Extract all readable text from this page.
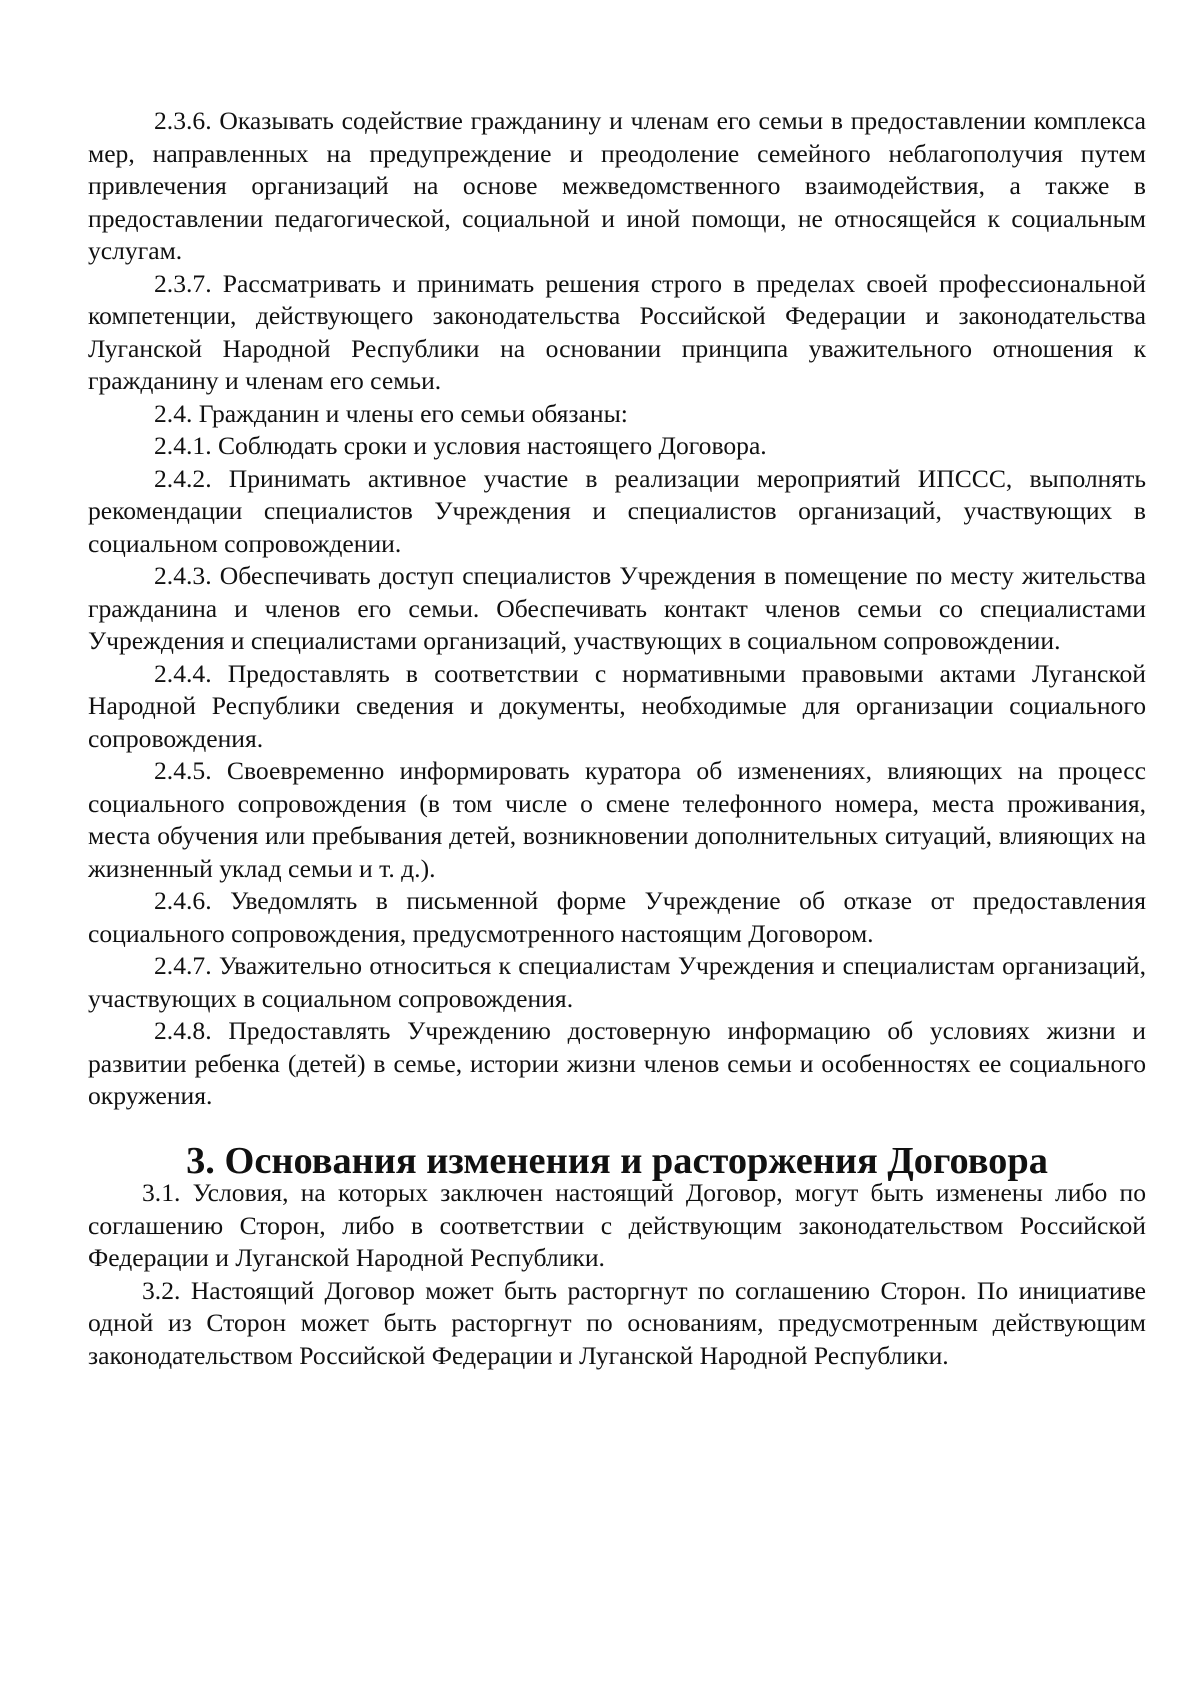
2.3.6. Оказывать содействие гражданину и членам его семьи в предоставлении комплекса мер, направленных на предупреждение и преодоление семейного неблагополучия путем привлечения организаций на основе межведомственного взаимодействия, а также в предоставлении педагогической, социальной и иной помощи, не относящейся к социальным услугам.

2.3.7. Рассматривать и принимать решения строго в пределах своей профессиональной компетенции, действующего законодательства Российской Федерации и законодательства Луганской Народной Республики на основании принципа уважительного отношения к гражданину и членам его семьи.

2.4. Гражданин и члены его семьи обязаны:

2.4.1. Соблюдать сроки и условия настоящего Договора.

2.4.2. Принимать активное участие в реализации мероприятий ИПССС, выполнять рекомендации специалистов Учреждения и специалистов организаций, участвующих в социальном сопровождении.

2.4.3. Обеспечивать доступ специалистов Учреждения в помещение по месту жительства гражданина и членов его семьи. Обеспечивать контакт членов семьи со специалистами Учреждения и специалистами организаций, участвующих в социальном сопровождении.

2.4.4. Предоставлять в соответствии с нормативными правовыми актами Луганской Народной Республики сведения и документы, необходимые для организации социального сопровождения.

2.4.5. Своевременно информировать куратора об изменениях, влияющих на процесс социального сопровождения (в том числе о смене телефонного номера, места проживания, места обучения или пребывания детей, возникновении дополнительных ситуаций, влияющих на жизненный уклад семьи и т. д.).

2.4.6. Уведомлять в письменной форме Учреждение об отказе от предоставления социального сопровождения, предусмотренного настоящим Договором.

2.4.7. Уважительно относиться к специалистам Учреждения и специалистам организаций, участвующих в социальном сопровождения.

2.4.8. Предоставлять Учреждению достоверную информацию об условиях жизни и развитии ребенка (детей) в семье, истории жизни членов семьи и особенностях ее социального окружения.

3. Основания изменения и расторжения Договора

3.1. Условия, на которых заключен настоящий Договор, могут быть изменены либо по соглашению Сторон, либо в соответствии с действующим законодательством Российской Федерации и Луганской Народной Республики.

3.2. Настоящий Договор может быть расторгнут по соглашению Сторон. По инициативе одной из Сторон может быть расторгнут по основаниям, предусмотренным действующим законодательством Российской Федерации и Луганской Народной Республики.
